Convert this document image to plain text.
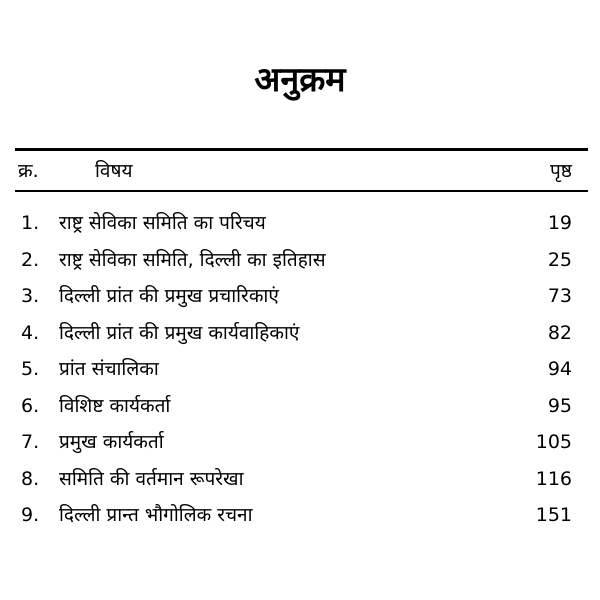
अनुक्रम
क्र.	विषय	पृष्ठ
1. राष्ट्र सेविका समिति का परिचय	19
2. राष्ट्र सेविका समिति, दिल्ली का इतिहास	25
3. दिल्ली प्रांत की प्रमुख प्रचारिकाएं	73
4. दिल्ली प्रांत की प्रमुख कार्यवाहिकाएं	82
5. प्रांत संचालिका	94
6. विशिष्ट कार्यकर्ता	95
7. प्रमुख कार्यकर्ता	105
8. समिति की वर्तमान रूपरेखा	116
9. दिल्ली प्रान्त भौगोलिक रचना	151
